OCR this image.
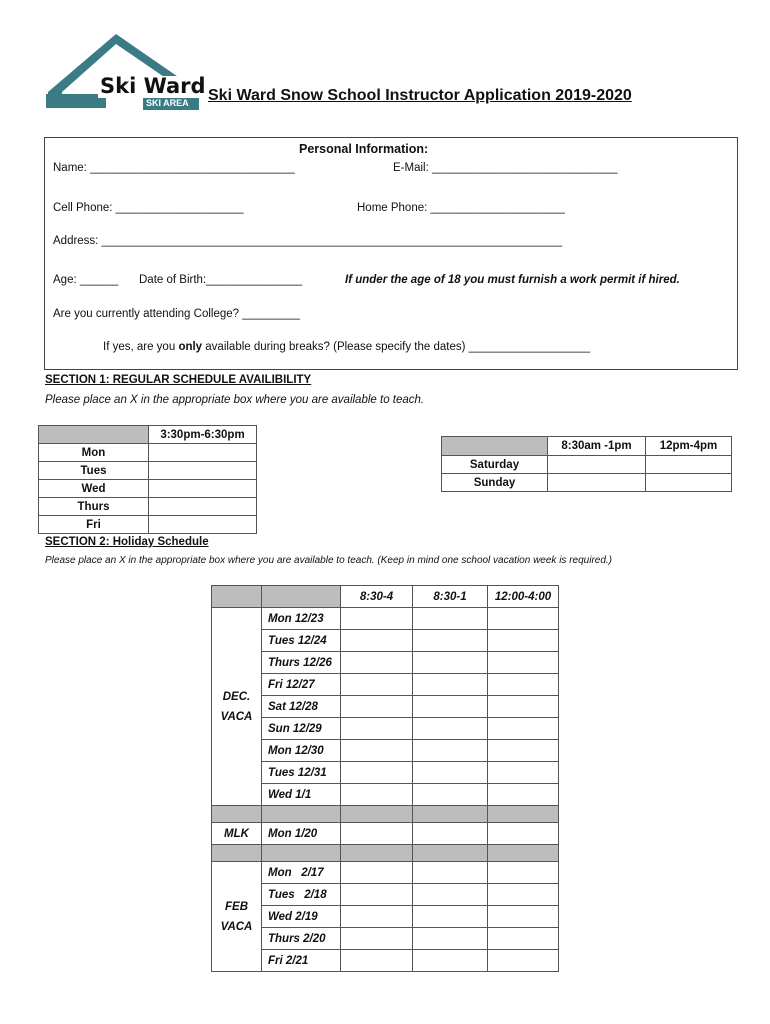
Ski Ward
SKI AREA Ski Ward Snow School Instructor Application 2019-2020
Personal Information:
Name: ________________________________	E-Mail: _____________________________
Cell Phone: ____________________	Home Phone: _____________________
Address: ________________________________________________________________________
Age: ______ Date of Birth:_______________	If under the age of 18 you must furnish a work permit if hired.
Are you currently attending College? _________
If yes, are you only available during breaks? (Please specify the dates) ___________________
SECTION 1: REGULAR SCHEDULE AVAILIBILITY
Please place an X in the appropriate box where you are available to teach.
	3:30pm-6:30pm
Mon	
Tues	
Wed	
Thurs	
Fri	
	8:30am -1pm	12pm-4pm
Saturday		
Sunday		
SECTION 2: Holiday Schedule
Please place an X in the appropriate box where you are available to teach. (Keep in mind one school vacation week is required.)
		8:30-4	8:30-1	12:00-4:00

DEC.
VACA	Mon 12/23			
	Tues 12/24			
	Thurs 12/26			
	Fri 12/27			
	Sat 12/28			
	Sun 12/29			
	Mon 12/30			
	Tues 12/31			
	Wed 1/1			

MLK	Mon 1/20			

FEB
VACA	Mon   2/17			
	Tues   2/18			
	Wed 2/19			
	Thurs 2/20			
	Fri 2/21			
